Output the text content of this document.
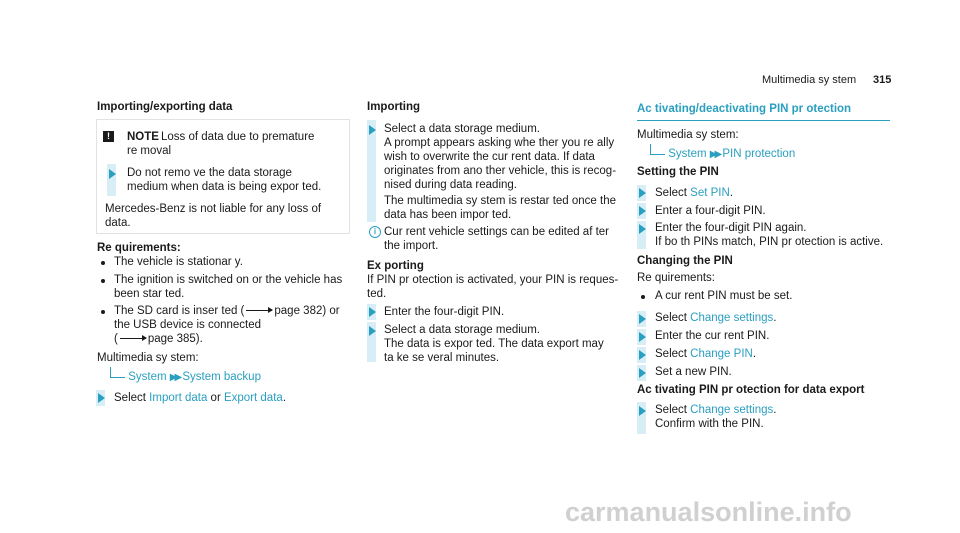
Multimedia sy stem 315
Importing/exporting data
!	NOTE Loss of data due to premature
re moval
Do not remo ve the data storage
medium when data is being expor ted.
Mercedes-Benz is not liable for any loss of
data.
Re quirements:
The vehicle is stationar y.
The ignition is switched on or the vehicle has
been star ted.
The SD card is inser ted (	page 382) or
the USB device is connected
(	page 385).
Multimedia sy stem:
System ▶▶ System backup
Select Import data or Export data.
Importing
Select a data storage medium.
A prompt appears asking whe ther you re ally
wish to overwrite the cur rent data. If data
originates from ano ther vehicle, this is recog‐
nised during data reading.
The multimedia sy stem is restar ted once the
data has been impor ted.
i Cur rent vehicle settings can be edited af ter
the import.
Ex porting
If PIN pr otection is activated, your PIN is reques‐
ted.
Enter the four-digit PIN.
Select a data storage medium.
The data is expor ted. The data export may
ta ke se veral minutes.
Ac tivating/deactivating PIN pr otection
Multimedia sy stem:
System ▶▶ PIN protection
Setting the PIN
Select Set PIN.
Enter a four-digit PIN.
Enter the four-digit PIN again.
If bo th PINs match, PIN pr otection is active.
Changing the PIN
Re quirements:
A cur rent PIN must be set.
Select Change settings.
Enter the cur rent PIN.
Select Change PIN.
Set a new PIN.
Ac tivating PIN pr otection for data export
Select Change settings.
Confirm with the PIN.
carmanualsonline.info
